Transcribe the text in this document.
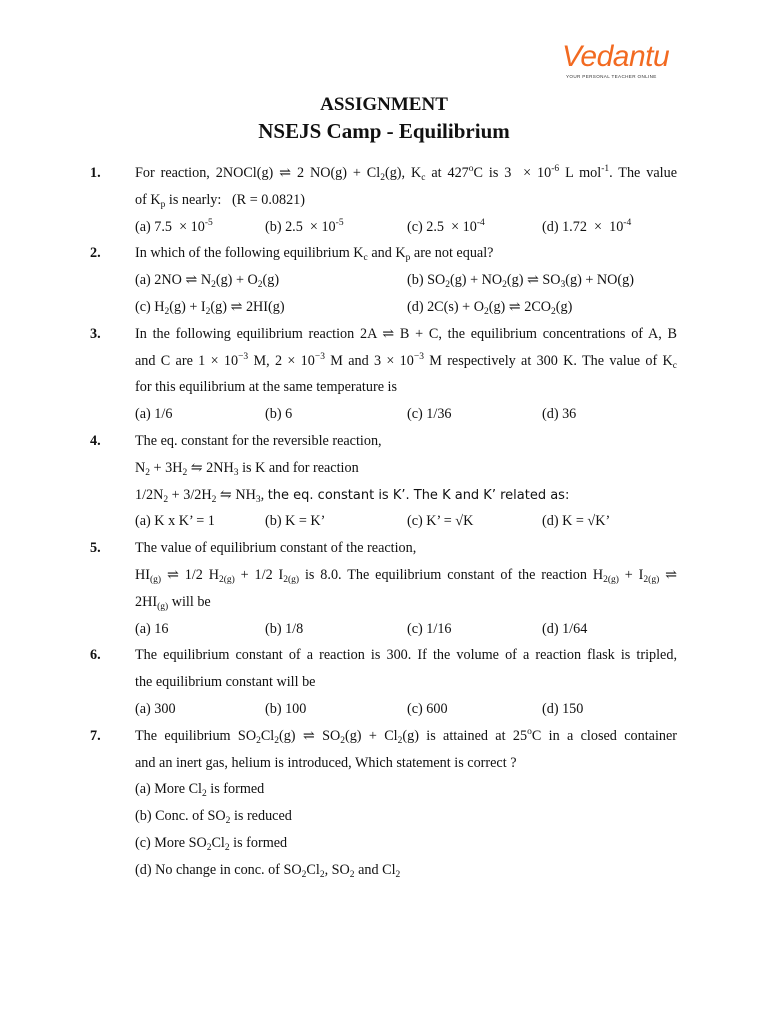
Vedantu
YOUR PERSONAL TEACHER ONLINE
ASSIGNMENT
NSEJS Camp - Equilibrium
1. For reaction, 2NOCl(g) ⇌ 2 $NO(g) + Cl_2(g)$, $K_c$ at 427$^o$C is $3 \times 10^{-6}$ L mol$^{-1}$. The value
of $K_p$ is nearly:   (R = 0.0821)
(a) $7.5 \times 10^{-5}$	(b) $2.5 \times 10^{-5}$	(c) $2.5 \times 10^{-4}$	(d) $1.72 \times 10^{-4}$
2. In which of the following equilibrium $K_c$ and $K_p$ are not equal?
(a) 2NO ⇌ $N_2(g) + O_2(g)$	(b) $SO_2(g) + NO_2(g)$ ⇌ $SO_3(g) + NO(g)$
(c) $H_2(g) + I_2(g)$ ⇌ 2HI(g)	(d) $2C(s) + O_2(g)$ ⇌ $2CO_2(g)$
3. In the following equilibrium reaction 2A ⇌ B + C, the equilibrium concentrations of A, B
and C are $1 \times 10^{-3}$ M, $2 \times 10^{-3}$ M and $3 \times 10^{-3}$ M respectively at 300 K. The value of $K_c$
for this equilibrium at the same temperature is
(a) 1/6	(b) 6	(c) 1/36	(d) 36
4. The eq. constant for the reversible reaction,
$N_2 + 3H_2$ ⇋ $2NH_3$ is K and for reaction
$1/2N_2 + 3/2H_2$ ⇋ $NH_3$, the eq. constant is K’. The K and K’ related as:
(a) K x K’ = 1	(b) K = K’	(c) K’ = √K	(d) K = √K’
5. The value of equilibrium constant of the reaction,
$HI_{(g)}$ ⇌ 1/2 $H_{2(g)} + 1/2$ $I_{2(g)}$ is 8.0. The equilibrium constant of the reaction $H_{2(g)} + I_{2(g)}$ ⇌
$2HI_{(g)}$ will be
(a) 16	(b) 1/8	(c) 1/16	(d) 1/64
6. The equilibrium constant of a reaction is 300. If the volume of a reaction flask is tripled,
the equilibrium constant will be
(a) 300	(b) 100	(c) 600	(d) 150
7. The equilibrium $SO_2Cl_2(g)$ ⇌ $SO_2(g) + Cl_2(g)$ is attained at 25$^o$C in a closed container
and an inert gas, helium is introduced, Which statement is correct ?
(a) More $Cl_2$ is formed
(b) Conc. of $SO_2$ is reduced
(c) More $SO_2Cl_2$ is formed
(d) No change in conc. of $SO_2Cl_2$, $SO_2$ and $Cl_2$
